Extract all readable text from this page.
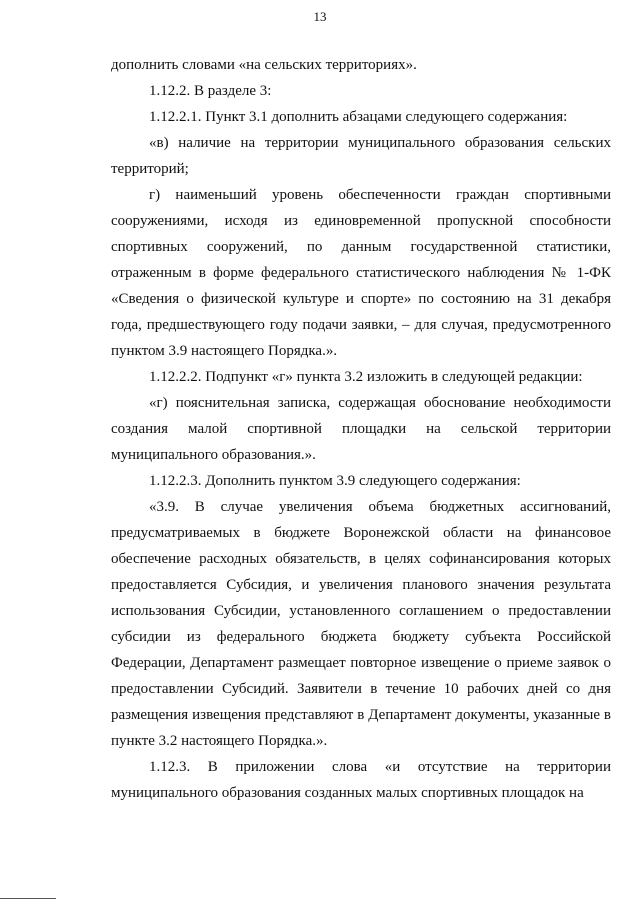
13

дополнить словами «на сельских территориях».

1.12.2. В разделе 3:

1.12.2.1. Пункт 3.1 дополнить абзацами следующего содержания:

«в) наличие на территории муниципального образования сельских территорий;

г) наименьший уровень обеспеченности граждан спортивными сооружениями, исходя из единовременной пропускной способности спортивных сооружений, по данным государственной статистики, отраженным в форме федерального статистического наблюдения № 1-ФК «Сведения о физической культуре и спорте» по состоянию на 31 декабря года, предшествующего году подачи заявки, – для случая, предусмотренного пунктом 3.9 настоящего Порядка.».

1.12.2.2. Подпункт «г» пункта 3.2 изложить в следующей редакции:

«г) пояснительная записка, содержащая обоснование необходимости создания малой спортивной площадки на сельской территории муниципального образования.».

1.12.2.3. Дополнить пунктом 3.9 следующего содержания:

«3.9. В случае увеличения объема бюджетных ассигнований, предусматриваемых в бюджете Воронежской области на финансовое обеспечение расходных обязательств, в целях софинансирования которых предоставляется Субсидия, и увеличения планового значения результата использования Субсидии, установленного соглашением о предоставлении субсидии из федерального бюджета бюджету субъекта Российской Федерации, Департамент размещает повторное извещение о приеме заявок о предоставлении Субсидий. Заявители в течение 10 рабочих дней со дня размещения извещения представляют в Департамент документы, указанные в пункте 3.2 настоящего Порядка.».

1.12.3. В приложении слова «и отсутствие на территории муниципального образования созданных малых спортивных площадок на
